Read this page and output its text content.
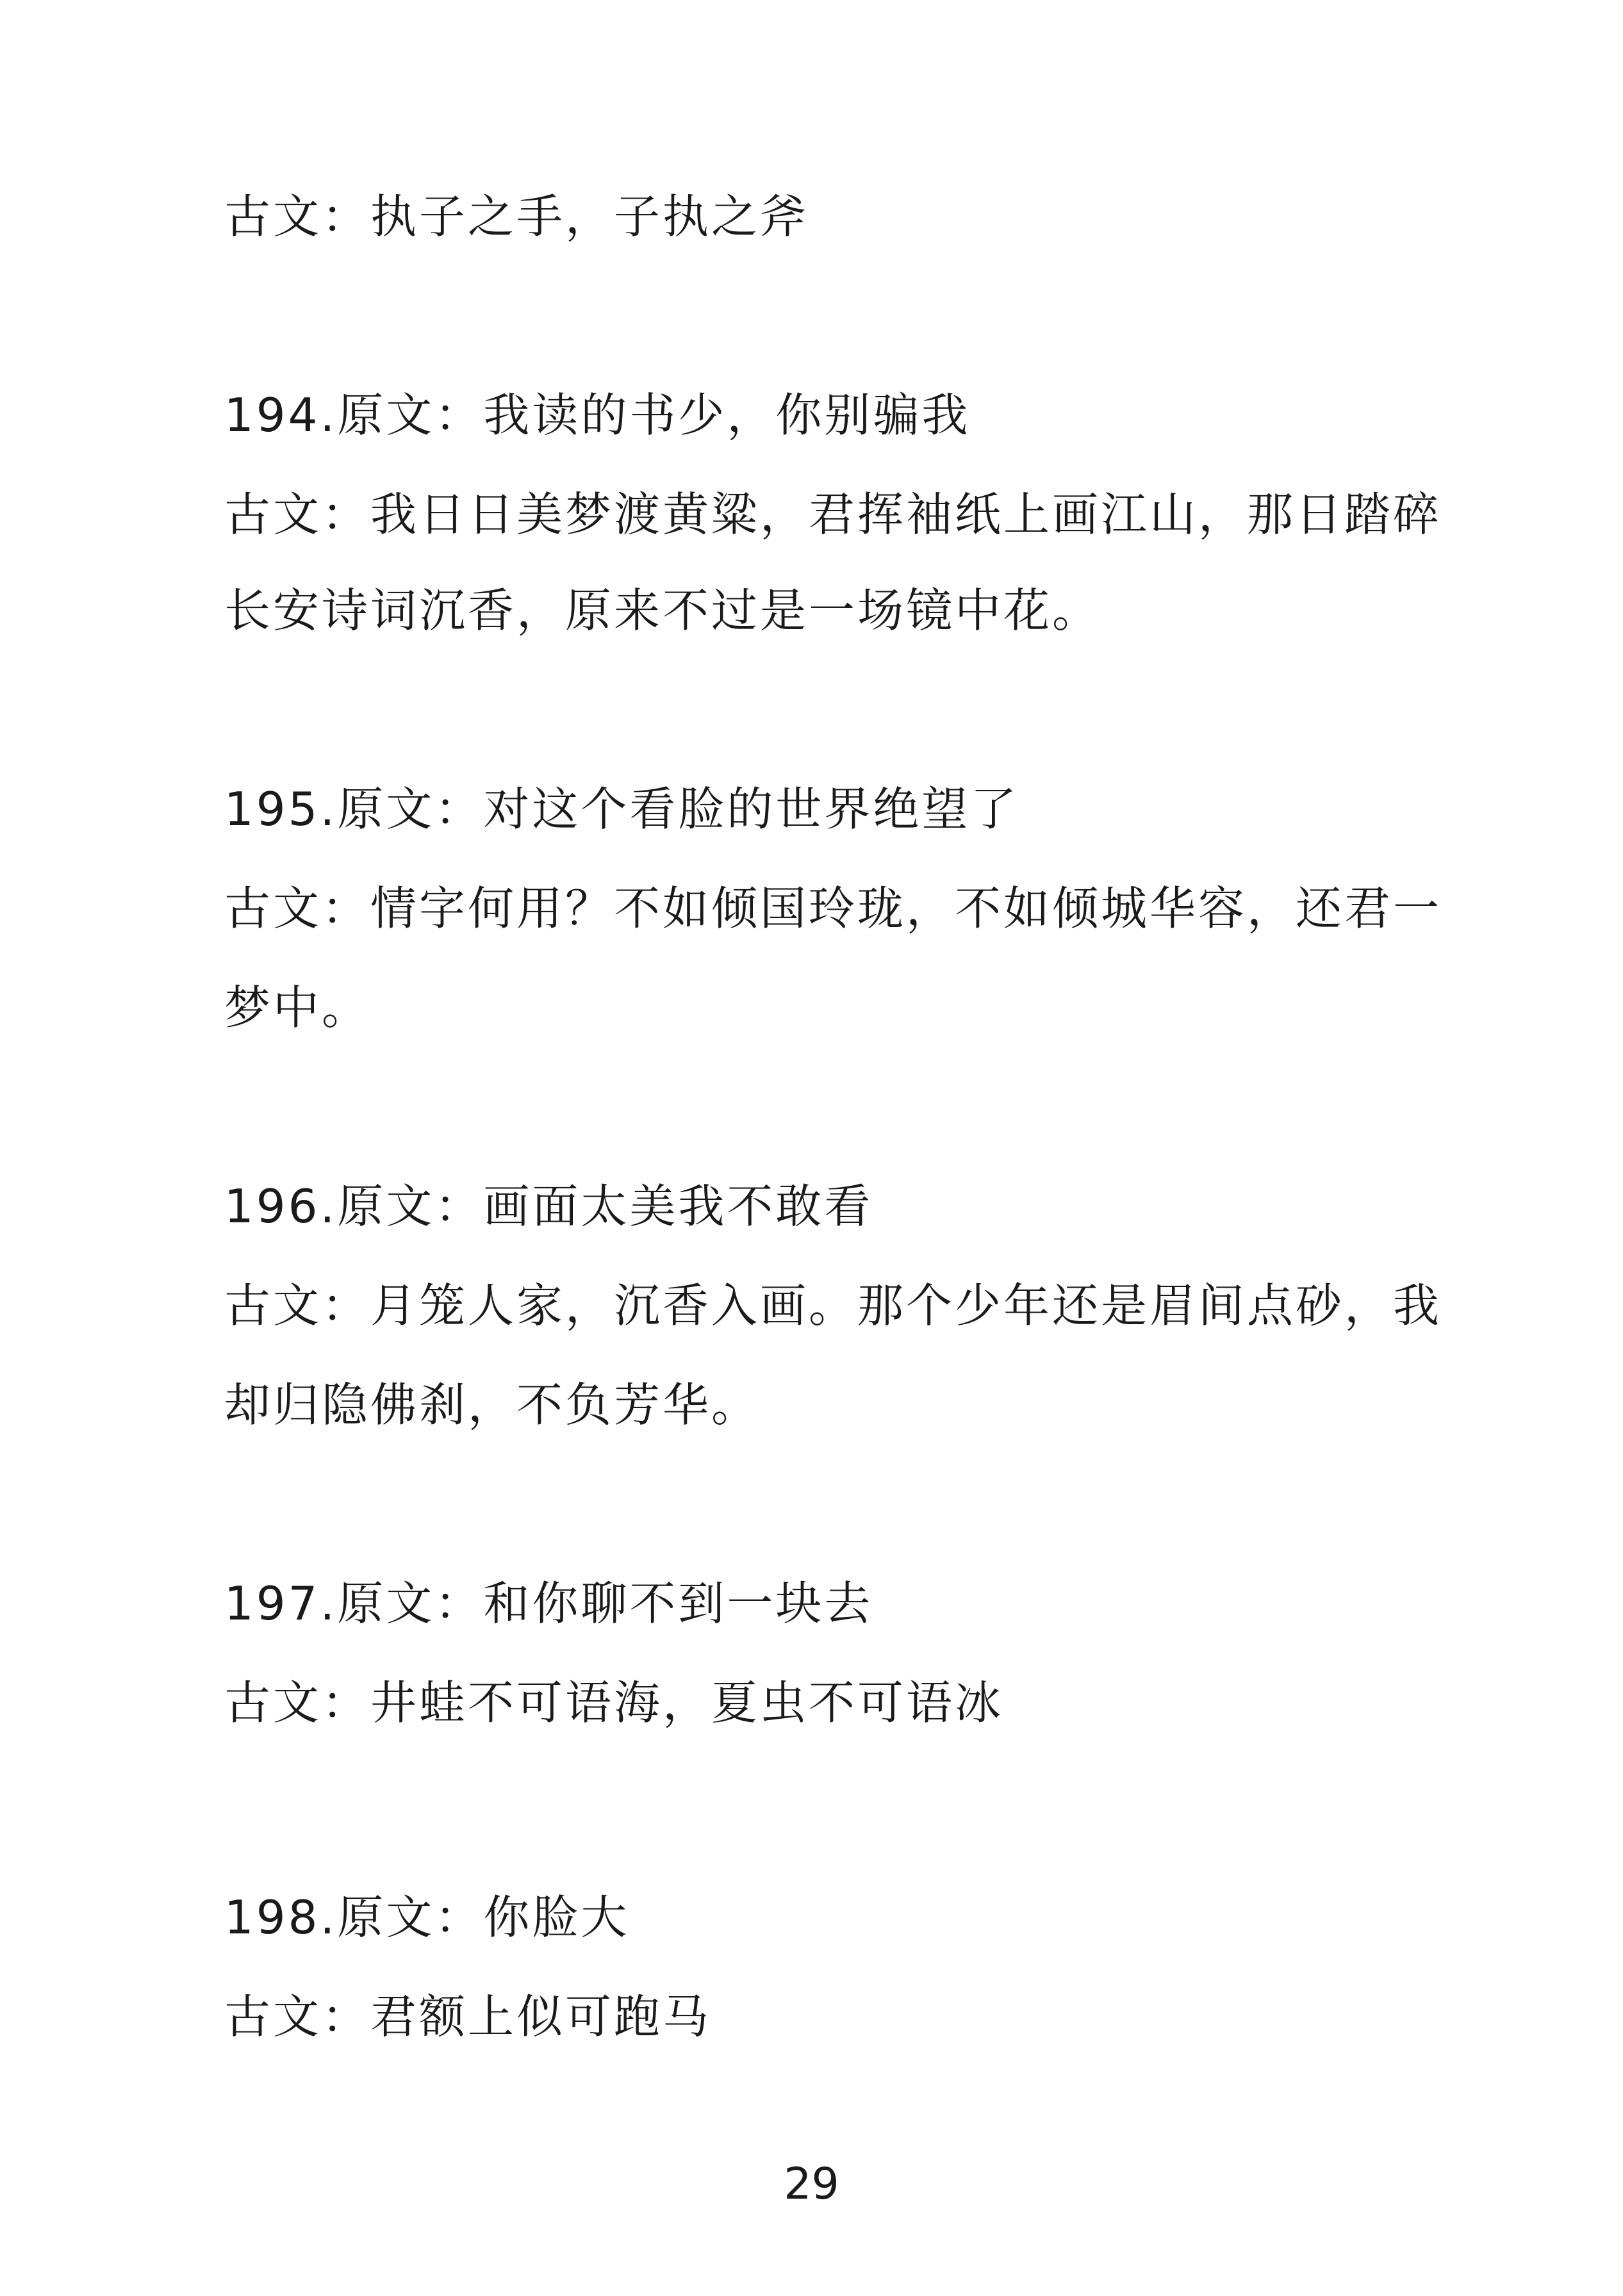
古文：执子之手，子执之斧
194.原文：我读的书少，你别骗我
古文：我日日美梦渡黄粱，君挥袖纸上画江山，那日踏碎
长安诗词沉香，原来不过是一场镜中花。
195.原文：对这个看脸的世界绝望了
古文：情字何用？不如倾国玲珑，不如倾城华容，还君一
梦中。
196.原文：画面太美我不敢看
古文：月笼人家，沉香入画。那个少年还是眉间点砂，我
却归隐佛刹，不负芳华。
197.原文：和你聊不到一块去
古文：井蛙不可语海，夏虫不可语冰
198.原文：你脸大
古文：君额上似可跑马
29
